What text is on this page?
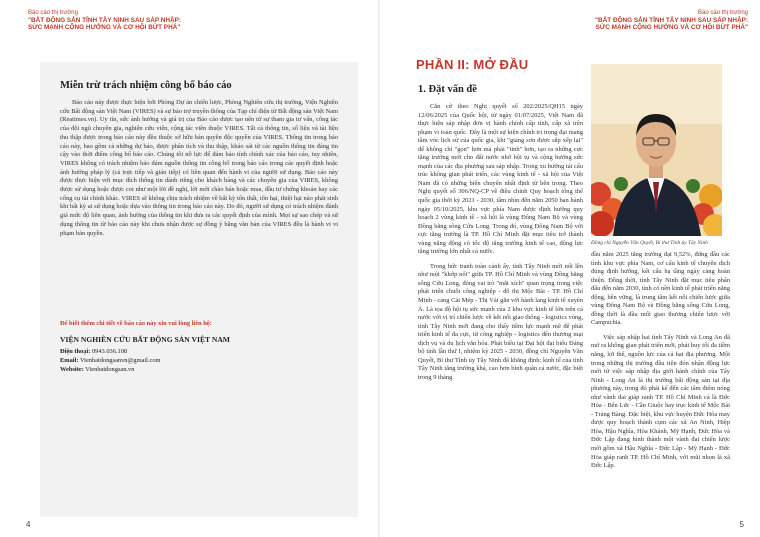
Báo cáo thị trường
"BẮT ĐỘNG SẢN TỈNH TÂY NINH SAU SÁP NHẬP:
SỨC MẠNH CỘNG HƯỞNG VÀ CƠ HỘI BỨT PHÁ"
Miễn trừ trách nhiệm công bố báo cáo

Báo cáo này được thực hiện bởi Phòng Dự án chiến lược, Phòng Nghiên cứu thị trường, Viện Nghiên cứu Bất động sản Việt Nam (VIRES) và sự bảo trợ truyền thông của Tạp chí điện tử Bất động sản Việt Nam (Reatimes.vn). Uy tín, sức ảnh hưởng và giá trị của Báo cáo được tạo nên từ sự tham gia tư vấn, công tác của đội ngũ chuyên gia, nghiên cứu viên, cộng tác viên thuộc VIRES. Tất cả thông tin, số liệu và tài liệu thu thập được trong báo cáo này đều thuộc sở hữu bản quyền độc quyền của VIRES. Thông tin trong báo cáo này, bao gồm cả những dự báo, được phân tích và thu thập, khảo sát từ các nguồn thông tin đáng tin cậy vào thời điểm công bố báo cáo. Chúng tôi nỗ lực để đảm bảo tính chính xác của báo cáo, tuy nhiên, VIRES không có trách nhiệm bảo đảm nguồn thông tin công bố trong báo cáo trong các quyết định hoặc ảnh hưởng pháp lý (cả trực tiếp và gián tiếp) có liên quan đến hành vi của người sử dụng. Báo cáo này được thực hiện với mục đích thông tin dành riêng cho khách hàng và các chuyên gia của VIRES, không được sử dụng hoặc được coi như một lời đề nghị, lời mời chào bán hoặc mua, đầu tư chứng khoán hay các công cụ tài chính khác. VIRES sẽ không chịu trách nhiệm về bất kỳ tổn thất, tổn hại, thiệt hại nào phát sinh khi bất kỳ ai sử dụng hoặc dựa vào thông tin trong báo cáo này. Do đó, người sử dụng có trách nhiệm đánh giá mức độ liên quan, ảnh hưởng của thông tin khi đưa ra các quyết định của mình. Mọi sự sao chép và sử dụng thông tin từ báo cáo này khi chưa nhận được sự đồng ý bằng văn bản của VIRES đều là hành vi vi phạm bản quyền.

Để biết thêm chi tiết về báo cáo này xin vui lòng liên hệ:
VIỆN NGHIÊN CỨU BẤT ĐỘNG SẢN VIỆT NAM
Điện thoại: 0943.036.108
Email: Vienbatdongsanvn@gmail.com
Website: Vienbatdongsan.vn
4
Báo cáo thị trường
"BẮT ĐỘNG SẢN TỈNH TÂY NINH SAU SÁP NHẬP:
SỨC MẠNH CỘNG HƯỞNG VÀ CƠ HỘI BỨT PHÁ"
PHẦN II: MỞ ĐẦU
1. Đặt vấn đề

Căn cứ theo Nghị quyết số 202/2025/QH15 ngày 12/06/2025 của Quốc hội, từ ngày 01/07/2025, Việt Nam đã thực hiện sáp nhập đơn vị hành chính cấp tỉnh, cấp xã trên phạm vi toàn quốc. Đây là một sự kiện chính trị trọng đại mang tầm vóc lịch sử của quốc gia, khi "giang sơn được sắp xếp lại" để không chỉ "gọn" hơn mà phải "tinh" hơn, tạo ra những cực tăng trưởng mới cho đất nước nhờ hội tụ và cộng hưởng sức mạnh của các địa phương sau sáp nhập. Trong xu hướng tái cấu trúc không gian phát triển, các vùng kinh tế - xã hội của Việt Nam đã có những biến chuyển nhất định từ bên trong. Theo Nghị quyết số 306/NQ-CP về điều chỉnh Quy hoạch tổng thể quốc gia thời kỳ 2021 - 2030, tầm nhìn đến năm 2050 ban hành ngày 05/10/2025, khu vực phía Nam được định hướng quy hoạch 2 vùng kinh tế - xã hội là vùng Đông Nam Bộ và vùng Đồng bằng sông Cửu Long. Trong đó, vùng Đông Nam Bộ với cực tăng trưởng là TP. Hồ Chí Minh đặt mục tiêu trở thành vùng năng động có tốc độ tăng trưởng kinh tế cao, động lực tăng trưởng lớn nhất cả nước.

Trong bức tranh toàn cảnh ấy, tỉnh Tây Ninh mới nổi lên như một "khớp nối" giữa TP. Hồ Chí Minh và vùng Đồng bằng sông Cửu Long, đóng vai trò "mắt xích" quan trọng trong việc phát triển chuỗi công nghiệp - đô thị Mộc Bài - TP. Hồ Chí Minh - cảng Cái Mép - Thị Vải gắn với hành lang kinh tế xuyên Á. Là tọa độ hội tụ sức mạnh của 2 khu vực kinh tế lớn trên cả nước với vị trí chiến lược về kết nối giao thông - logistics vùng, tỉnh Tây Ninh mới đang cho thấy tiềm lực mạnh mẽ để phát triển kinh tế đa cực, từ công nghiệp - logistics đến thương mại dịch vụ và du lịch văn hóa. Phát biểu tại Đại hội đại biểu Đảng bộ tỉnh lần thứ I, nhiệm kỳ 2025 - 2030, đồng chí Nguyễn Văn Quyết, Bí thư Tỉnh ủy Tây Ninh đã khẳng định: kinh tế của tỉnh Tây Ninh tăng trưởng khá, cao hơn bình quân cả nước, đặc biệt trong 9 tháng

Đồng chí Nguyễn Văn Quyết, Bí thư Tỉnh ủy Tây Ninh

đầu năm 2025 tăng trưởng đạt 9,52%, đứng đầu các tỉnh khu vực phía Nam, cơ cấu kinh tế chuyển dịch đúng định hướng, kết cấu hạ tầng ngày càng hoàn thiện. Đồng thời, tỉnh Tây Ninh đặt mục tiêu phấn đấu đến năm 2030, tỉnh có nền kinh tế phát triển năng động, bền vững, là trung tâm kết nối chiến lược giữa vùng Đông Nam Bộ và Đồng bằng sông Cửu Long, đồng thời là đầu mối giao thương chiến lược với Campuchia.

Việc sáp nhập hai tỉnh Tây Ninh và Long An đã mở ra không gian phát triển mới, phát huy tối đa tiềm năng, lợi thế, nguồn lực của cả hai địa phương. Một trong những thị trường đầu tiên đón nhận động lực mới từ việc sáp nhập địa giới hành chính của Tây Ninh - Long An là thị trường bất động sản tại địa phương này, trong đó phải kể đến các tâm điểm nóng như vành đai giáp ranh TP. Hồ Chí Minh cả là Đức Hòa - Bến Lức - Cần Giuộc hay trục kinh tế Mộc Bài - Trảng Bàng. Đặc biệt, khu vực huyện Đức Hòa may được quy hoạch thành cụm các xã An Ninh, Hiệp Hòa, Hậu Nghĩa, Hòa Khánh, Mỹ Hạnh, Đức Hòa và Đức Lập đang hình thành một vành đai chiến lược mới gồm xã Hậu Nghĩa - Đức Lập - Mỹ Hạnh - Đức Hòa giáp ranh TP. Hồ Chí Minh, với mũi nhọn là xã Đức Lập.

5
